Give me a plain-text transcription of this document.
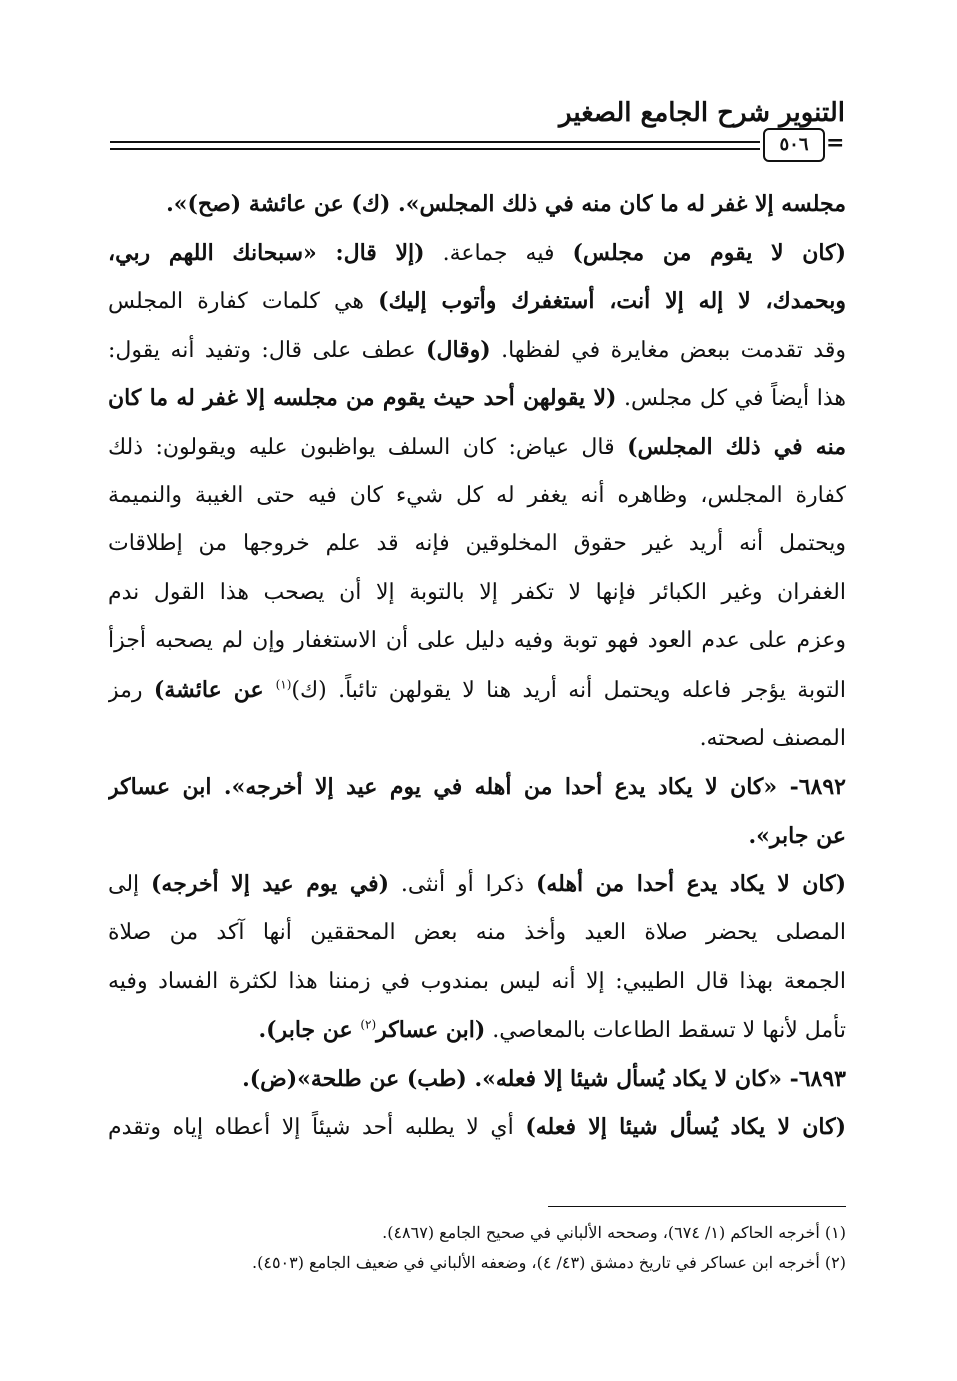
التنوير شرح الجامع الصغير
٥٠٦ =
مجلسه إلا غفر له ما كان منه في ذلك المجلس». (ك) عن عائشة (صح)».
(كان لا يقوم من مجلس) فيه جماعة. (إلا قال: «سبحانك اللهم ربي،
وبحمدك، لا إله إلا أنت، أستغفرك وأتوب إليك) هي كلمات كفارة المجلس
وقد تقدمت ببعض مغايرة في لفظها. (وقال) عطف على قال: وتفيد أنه يقول:
هذا أيضاً في كل مجلس. (لا يقولهن أحد حيث يقوم من مجلسه إلا غفر له ما كان
منه في ذلك المجلس) قال عياض: كان السلف يواظبون عليه ويقولون: ذلك
كفارة المجلس، وظاهره أنه يغفر له كل شيء كان فيه حتى الغيبة والنميمة
ويحتمل أنه أريد غير حقوق المخلوقين فإنه قد علم خروجها من إطلاقات
الغفران وغير الكبائر فإنها لا تكفر إلا بالتوبة إلا أن يصحب هذا القول ندم
وعزم على عدم العود فهو توبة وفيه دليل على أن الاستغفار وإن لم يصحبه أجزأ
التوبة يؤجر فاعله ويحتمل أنه أريد هنا لا يقولهن تائباً. (ك)$^{(١)}$ عن عائشة) رمز
المصنف لصحته.
٦٨٩٢- «كان لا يكاد يدع أحدا من أهله في يوم عيد إلا أخرجه». ابن عساكر
عن جابر».
(كان لا يكاد يدع أحدا من أهله) ذكرا أو أنثى. (في يوم عيد إلا أخرجه) إلى
المصلى يحضر صلاة العيد وأخذ منه بعض المحققين أنها آكد من صلاة
الجمعة بهذا قال الطيبي: إلا أنه ليس بمندوب في زمننا هذا لكثرة الفساد وفيه
تأمل لأنها لا تسقط الطاعات بالمعاصي. (ابن عساكر$^{(٢)}$ عن جابر).
٦٨٩٣- «كان لا يكاد يُسأل شيئا إلا فعله». (طب) عن طلحة»(ض).
(كان لا يكاد يُسأل شيئا إلا فعله) أي لا يطلبه أحد شيئاً إلا أعطاه إياه وتقدم
(١) أخرجه الحاكم (١/ ٦٧٤)، وصححه الألباني في صحيح الجامع (٤٨٦٧).
(٢) أخرجه ابن عساكر في تاريخ دمشق (٤٣/ ٤)، وضعفه الألباني في ضعيف الجامع (٤٥٠٣).
